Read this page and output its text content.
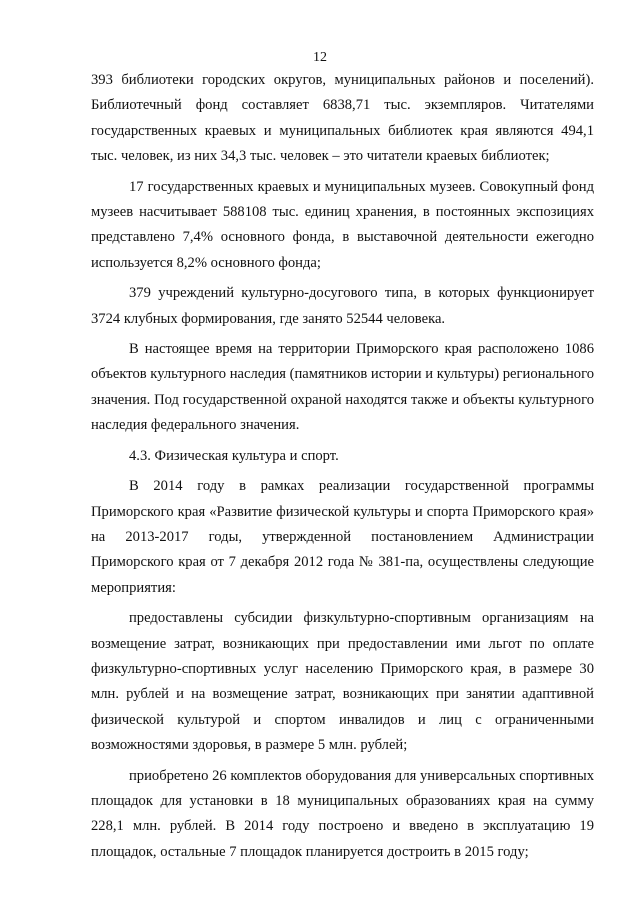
12

393 библиотеки городских округов, муниципальных районов и поселений). Библиотечный фонд составляет 6838,71 тыс. экземпляров. Читателями государственных краевых и муниципальных библиотек края являются 494,1 тыс. человек, из них 34,3 тыс. человек – это читатели краевых библиотек;

17 государственных краевых и муниципальных музеев. Совокупный фонд музеев насчитывает 588108 тыс. единиц хранения, в постоянных экспозициях представлено 7,4% основного фонда, в выставочной деятельности ежегодно используется 8,2% основного фонда;

379 учреждений культурно-досугового типа, в которых функционирует 3724 клубных формирования, где занято 52544 человека.

В настоящее время на территории Приморского края расположено 1086 объектов культурного наследия (памятников истории и культуры) регионального значения. Под государственной охраной находятся также и объекты культурного наследия федерального значения.

4.3. Физическая культура и спорт.

В 2014 году в рамках реализации государственной программы Приморского края «Развитие физической культуры и спорта Приморского края» на 2013-2017 годы, утвержденной постановлением Администрации Приморского края от 7 декабря 2012 года № 381-па, осуществлены следующие мероприятия:

предоставлены субсидии физкультурно-спортивным организациям на возмещение затрат, возникающих при предоставлении ими льгот по оплате физкультурно-спортивных услуг населению Приморского края, в размере 30 млн. рублей и на возмещение затрат, возникающих при занятии адаптивной физической культурой и спортом инвалидов и лиц с ограниченными возможностями здоровья, в размере 5 млн. рублей;

приобретено 26 комплектов оборудования для универсальных спортивных площадок для установки в 18 муниципальных образованиях края на сумму 228,1 млн. рублей. В 2014 году построено и введено в эксплуатацию 19 площадок, остальные 7 площадок планируется достроить в 2015 году;
